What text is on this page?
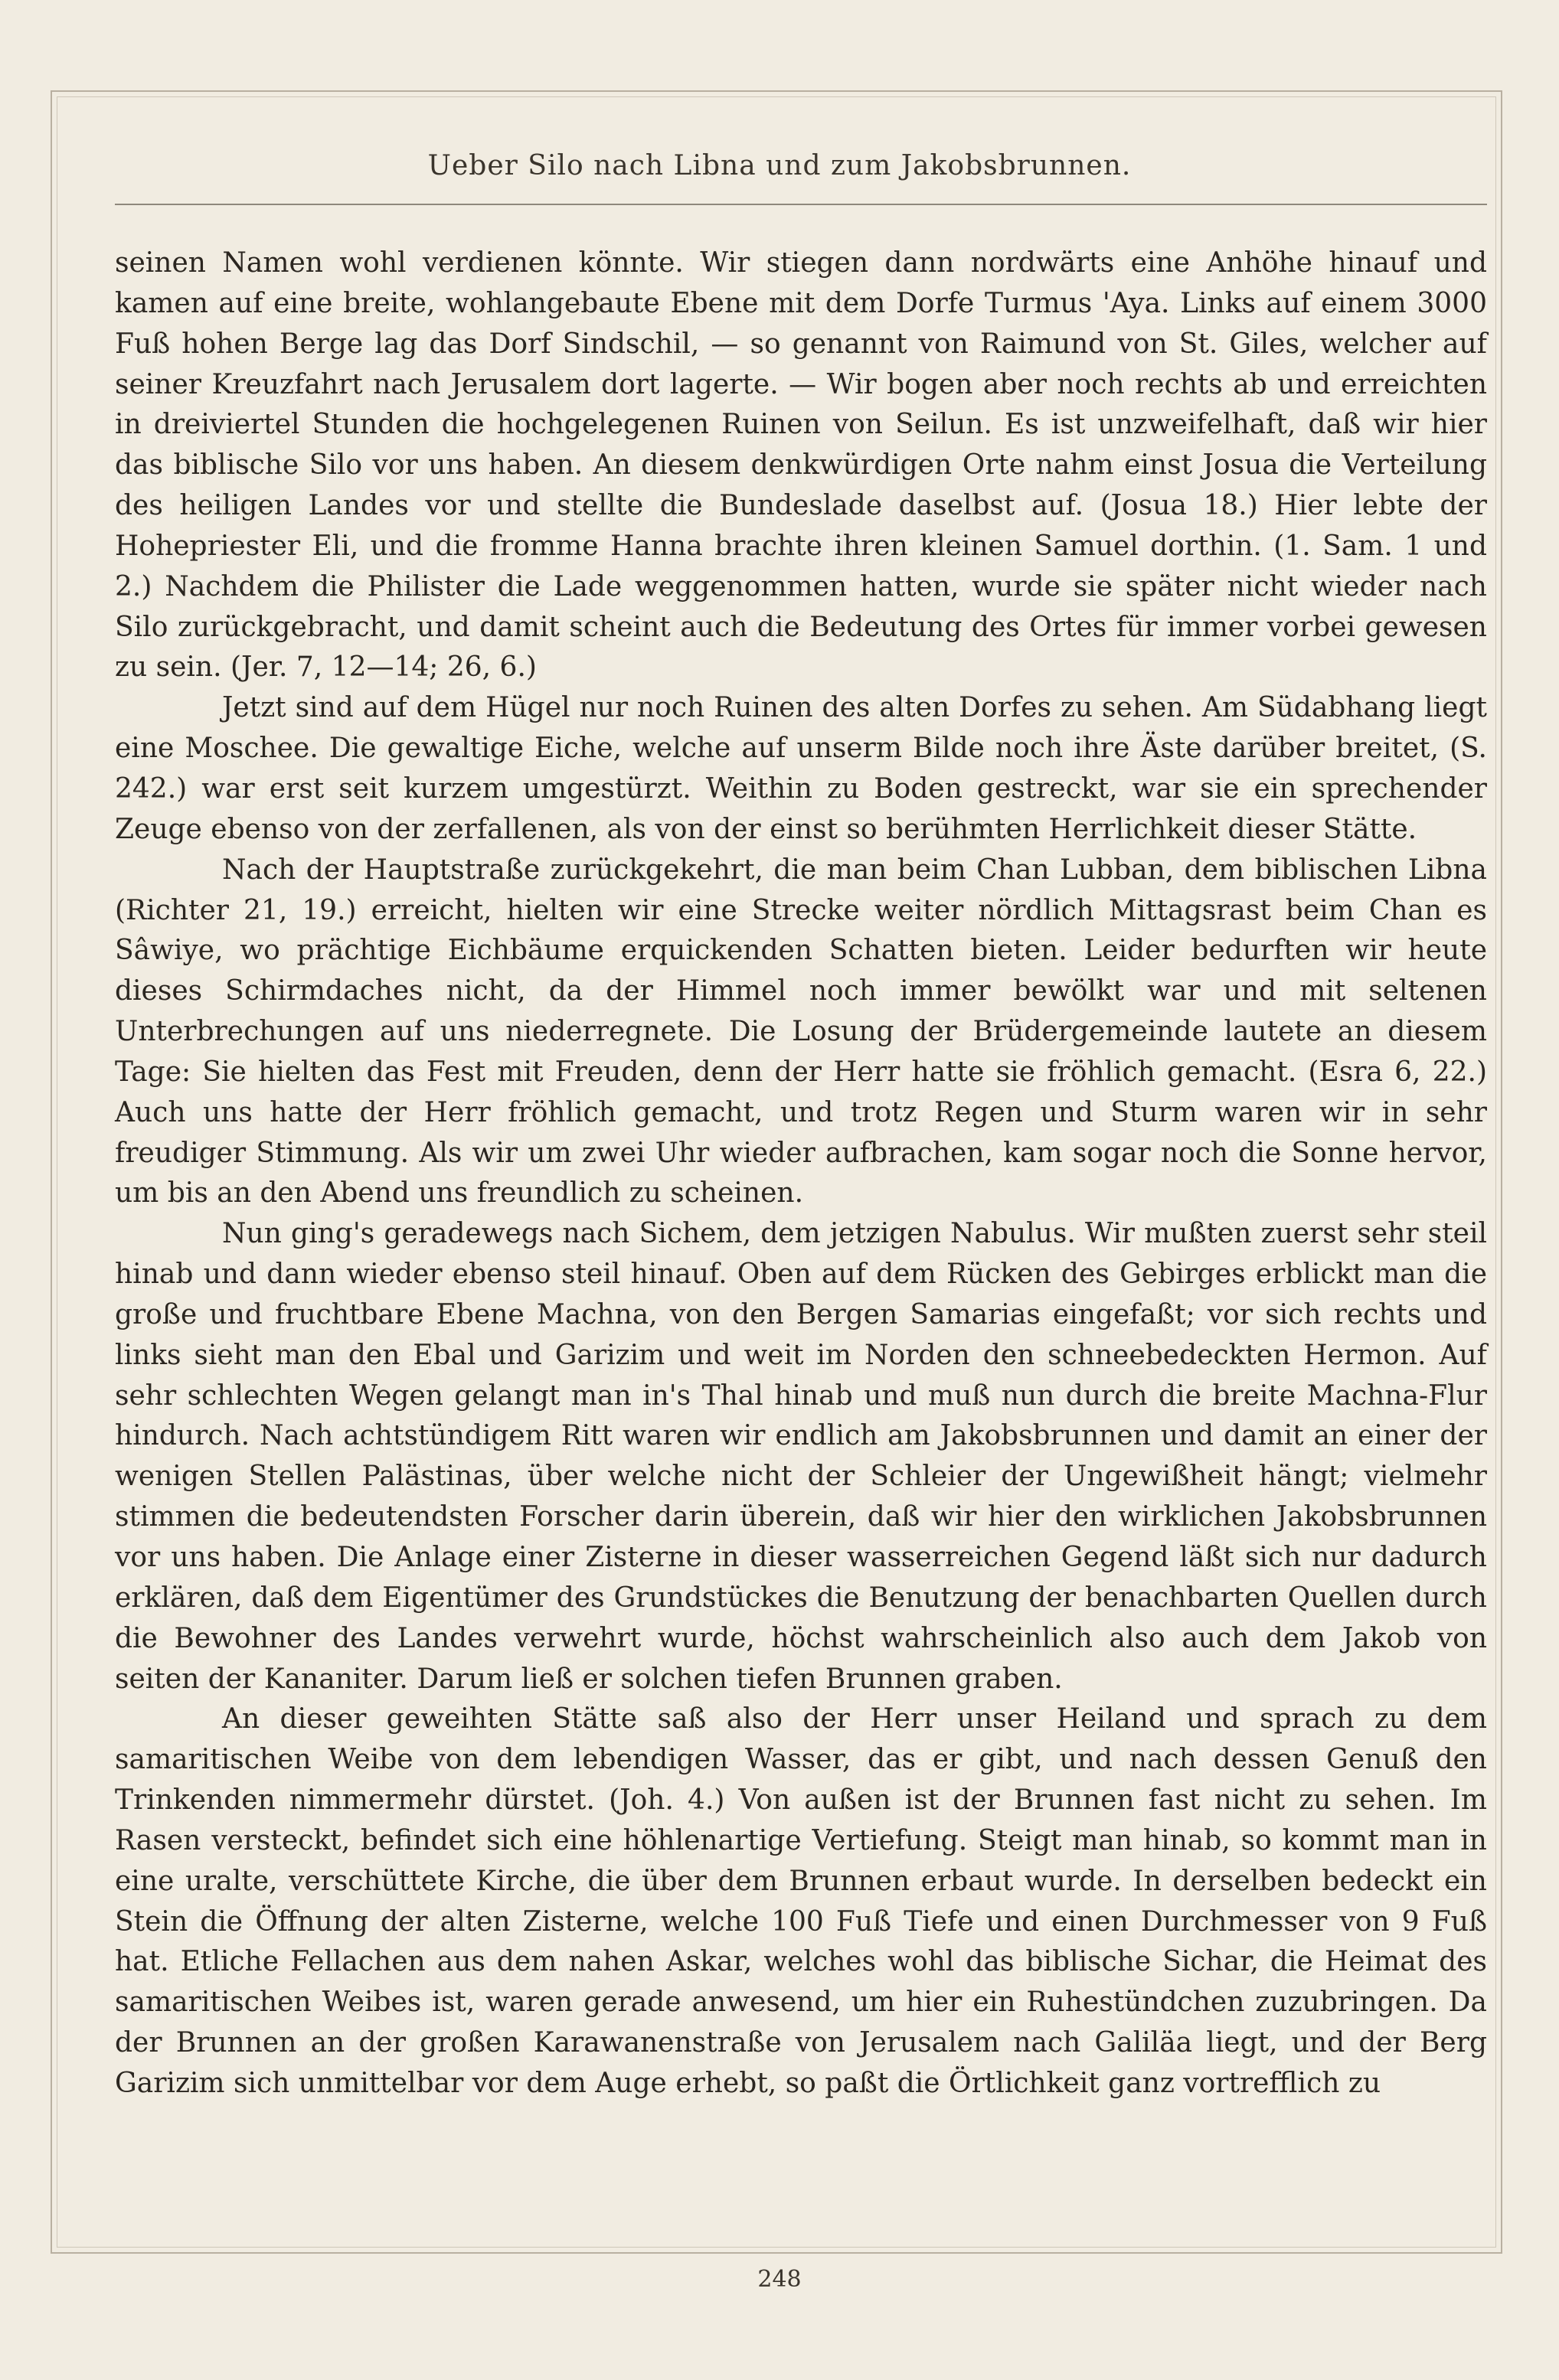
Ueber Silo nach Libna und zum Jakobsbrunnen.

seinen Namen wohl verdienen könnte. Wir stiegen dann nordwärts eine Anhöhe hinauf und kamen auf eine breite, wohlangebaute Ebene mit dem Dorfe Turmus 'Aya. Links auf einem 3000 Fuß hohen Berge lag das Dorf Sindschil, — so genannt von Raimund von St. Giles, welcher auf seiner Kreuzfahrt nach Jerusalem dort lagerte. — Wir bogen aber noch rechts ab und erreichten in dreiviertel Stunden die hochgelegenen Ruinen von Seilun. Es ist unzweifelhaft, daß wir hier das biblische Silo vor uns haben. An diesem denkwürdigen Orte nahm einst Josua die Verteilung des heiligen Landes vor und stellte die Bundeslade daselbst auf. (Josua 18.) Hier lebte der Hohepriester Eli, und die fromme Hanna brachte ihren kleinen Samuel dorthin. (1. Sam. 1 und 2.) Nachdem die Philister die Lade weggenommen hatten, wurde sie später nicht wieder nach Silo zurückgebracht, und damit scheint auch die Bedeutung des Ortes für immer vorbei gewesen zu sein. (Jer. 7, 12—14; 26, 6.)

Jetzt sind auf dem Hügel nur noch Ruinen des alten Dorfes zu sehen. Am Südabhang liegt eine Moschee. Die gewaltige Eiche, welche auf unserm Bilde noch ihre Äste darüber breitet, (S. 242.) war erst seit kurzem umgestürzt. Weithin zu Boden gestreckt, war sie ein sprechender Zeuge ebenso von der zerfallenen, als von der einst so berühmten Herrlichkeit dieser Stätte.

Nach der Hauptstraße zurückgekehrt, die man beim Chan Lubban, dem biblischen Libna (Richter 21, 19.) erreicht, hielten wir eine Strecke weiter nördlich Mittagsrast beim Chan es Sâwiye, wo prächtige Eichbäume erquickenden Schatten bieten. Leider bedurften wir heute dieses Schirmdaches nicht, da der Himmel noch immer bewölkt war und mit seltenen Unterbrechungen auf uns niederregnete. Die Losung der Brüdergemeinde lautete an diesem Tage: Sie hielten das Fest mit Freuden, denn der Herr hatte sie fröhlich gemacht. (Esra 6, 22.) Auch uns hatte der Herr fröhlich gemacht, und trotz Regen und Sturm waren wir in sehr freudiger Stimmung. Als wir um zwei Uhr wieder aufbrachen, kam sogar noch die Sonne hervor, um bis an den Abend uns freundlich zu scheinen.

Nun ging's geradewegs nach Sichem, dem jetzigen Nabulus. Wir mußten zuerst sehr steil hinab und dann wieder ebenso steil hinauf. Oben auf dem Rücken des Gebirges erblickt man die große und fruchtbare Ebene Machna, von den Bergen Samarias eingefaßt; vor sich rechts und links sieht man den Ebal und Garizim und weit im Norden den schneebedeckten Hermon. Auf sehr schlechten Wegen gelangt man in's Thal hinab und muß nun durch die breite Machna-Flur hindurch. Nach achtstündigem Ritt waren wir endlich am Jakobsbrunnen und damit an einer der wenigen Stellen Palästinas, über welche nicht der Schleier der Ungewißheit hängt; vielmehr stimmen die bedeutendsten Forscher darin überein, daß wir hier den wirklichen Jakobsbrunnen vor uns haben. Die Anlage einer Zisterne in dieser wasserreichen Gegend läßt sich nur dadurch erklären, daß dem Eigentümer des Grundstückes die Benutzung der benachbarten Quellen durch die Bewohner des Landes verwehrt wurde, höchst wahrscheinlich also auch dem Jakob von seiten der Kananiter. Darum ließ er solchen tiefen Brunnen graben.

An dieser geweihten Stätte saß also der Herr unser Heiland und sprach zu dem samaritischen Weibe von dem lebendigen Wasser, das er gibt, und nach dessen Genuß den Trinkenden nimmermehr dürstet. (Joh. 4.) Von außen ist der Brunnen fast nicht zu sehen. Im Rasen versteckt, befindet sich eine höhlenartige Vertiefung. Steigt man hinab, so kommt man in eine uralte, verschüttete Kirche, die über dem Brunnen erbaut wurde. In derselben bedeckt ein Stein die Öffnung der alten Zisterne, welche 100 Fuß Tiefe und einen Durchmesser von 9 Fuß hat. Etliche Fellachen aus dem nahen Askar, welches wohl das biblische Sichar, die Heimat des samaritischen Weibes ist, waren gerade anwesend, um hier ein Ruhestündchen zuzubringen. Da der Brunnen an der großen Karawanenstraße von Jerusalem nach Galiläa liegt, und der Berg Garizim sich unmittelbar vor dem Auge erhebt, so paßt die Örtlichkeit ganz vortrefflich zu

248
